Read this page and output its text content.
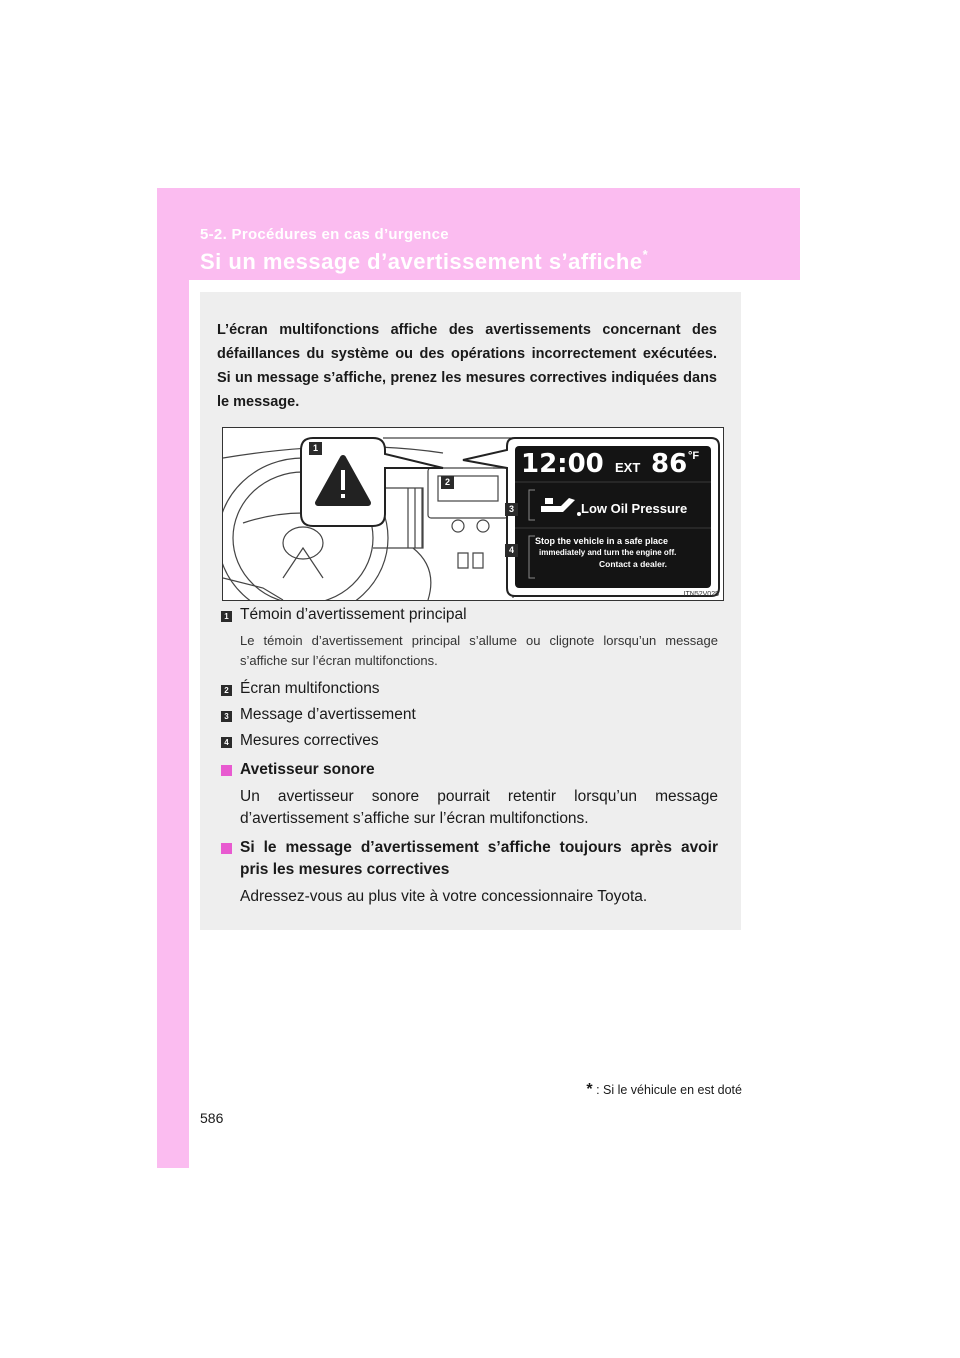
5-2. Procédures en cas d’urgence
Si un message d’avertissement s’affiche*
L’écran multifonctions affiche des avertissements concernant des défaillances du système ou des opérations incorrectement exécutées. Si un message s’affiche, prenez les mesures correctives indiquées dans le message.
1
2
3
4
12:00 EXT 86 °F
Low Oil Pressure
Stop the vehicle in a safe place
immediately and turn the engine off.
Contact a dealer.
ITN52V025
1 Témoin d’avertissement principal
Le témoin d’avertissement principal s’allume ou clignote lorsqu’un message s’affiche sur l’écran multifonctions.
2 Écran multifonctions
3 Message d’avertissement
4 Mesures correctives
Avetisseur sonore
Un avertisseur sonore pourrait retentir lorsqu’un message d’avertissement s’affiche sur l’écran multifonctions.
Si le message d’avertissement s’affiche toujours après avoir pris les mesures correctives
Adressez-vous au plus vite à votre concessionnaire Toyota.
* : Si le véhicule en est doté
586
